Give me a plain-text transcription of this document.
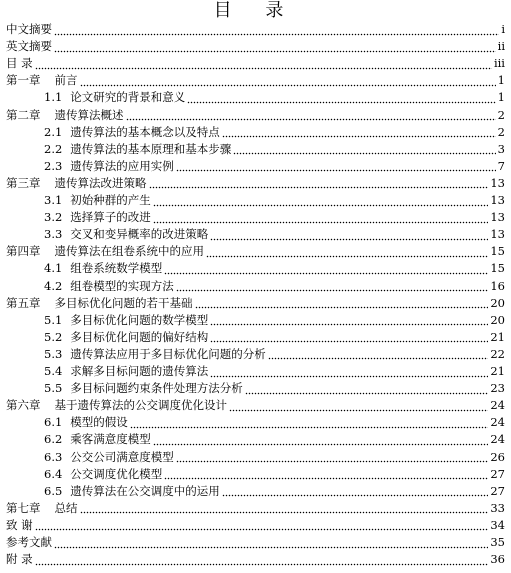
目 录
中文摘要	i
英文摘要	ii
目 录	iii
第一章 前言	1
1.1 论文研究的背景和意义	1
第二章 遗传算法概述	2
2.1 遗传算法的基本概念以及特点	2
2.2 遗传算法的基本原理和基本步骤	3
2.3 遗传算法的应用实例	7
第三章 遗传算法改进策略	13
3.1 初始种群的产生	13
3.2 选择算子的改进	13
3.3 交叉和变异概率的改进策略	13
第四章 遗传算法在组卷系统中的应用	15
4.1 组卷系统数学模型	15
4.2 组卷模型的实现方法	16
第五章 多目标优化问题的若干基础	20
5.1 多目标优化问题的数学模型	20
5.2 多目标优化问题的偏好结构	21
5.3 遗传算法应用于多目标优化问题的分析	22
5.4 求解多目标问题的遗传算法	21
5.5 多目标问题约束条件处理方法分析	23
第六章 基于遗传算法的公交调度优化设计	24
6.1 模型的假设	24
6.2 乘客满意度模型	24
6.3 公交公司满意度模型	26
6.4 公交调度优化模型	27
6.5 遗传算法在公交调度中的运用	27
第七章 总结	33
致 谢	34
参考文献	35
附 录	36
